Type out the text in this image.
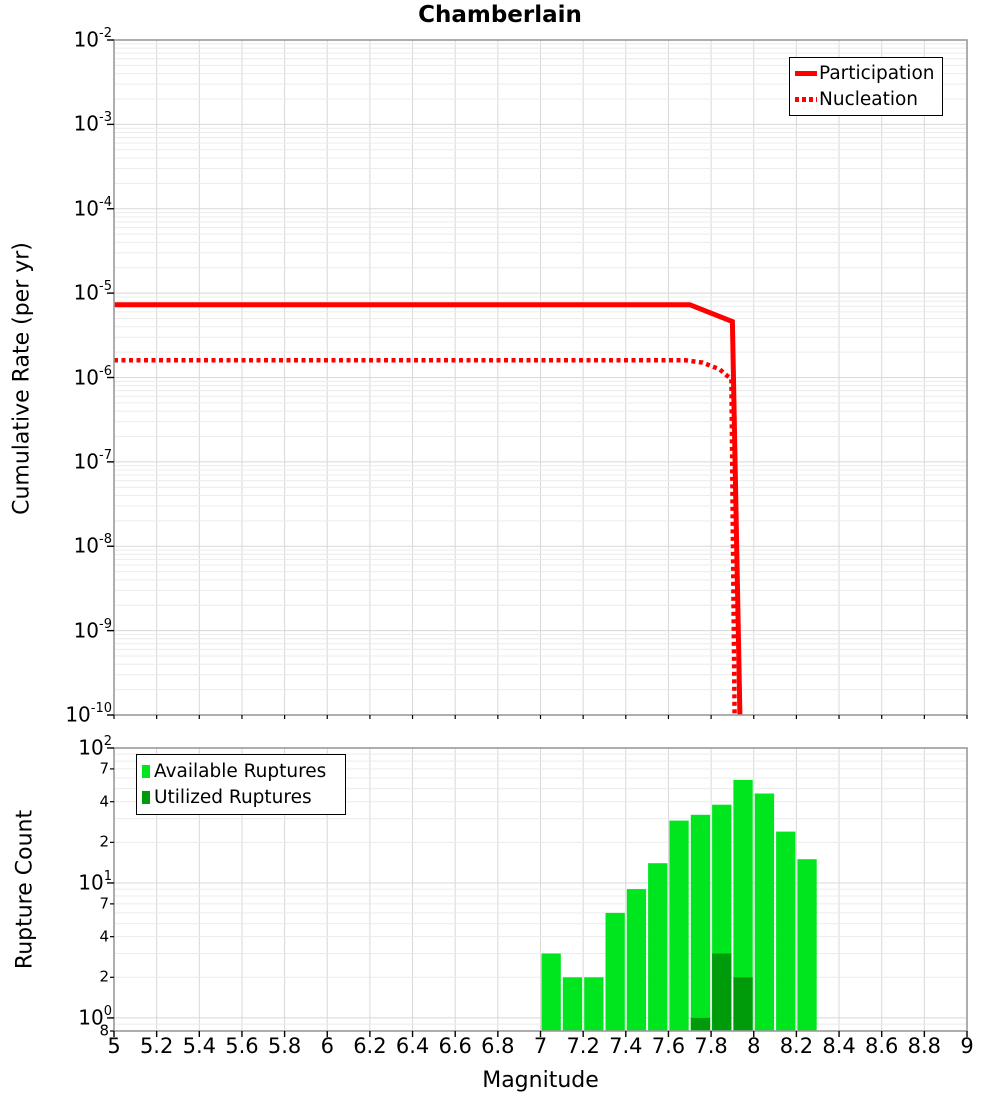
Chamberlain
Cumulative Rate (per yr)
Rupture Count
$10^{-2}$
$10^{-3}$
$10^{-4}$
$10^{-5}$
$10^{-6}$
$10^{-7}$
$10^{-8}$
$10^{-9}$
$10^{-10}$
$10^2$
$10^1$
$10^0$
7
4
2
7
4
2
8
5 5.2 5.4 5.6 5.8 6 6.2 6.4 6.6 6.8 7 7.2 7.4 7.6 7.8 8 8.2 8.4 8.6 8.8 9
Magnitude
Participation
Nucleation
Available Ruptures
Utilized Ruptures
